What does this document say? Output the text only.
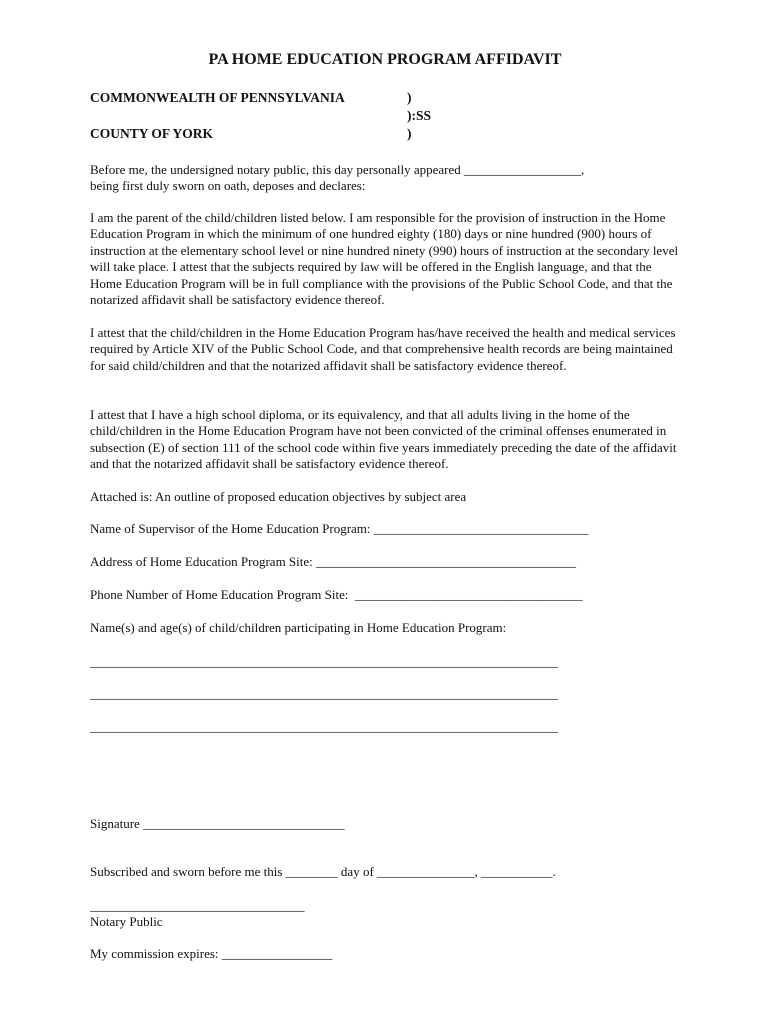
PA HOME EDUCATION PROGRAM AFFIDAVIT
COMMONWEALTH OF PENNSYLVANIA
COUNTY OF YORK
)
):SS
)
Before me, the undersigned notary public, this day personally appeared __________________,
being first duly sworn on oath, deposes and declares:

I am the parent of the child/children listed below. I am responsible for the provision of instruction in the Home Education Program in which the minimum of one hundred eighty (180) days or nine hundred (900) hours of instruction at the elementary school level or nine hundred ninety (990) hours of instruction at the secondary level will take place. I attest that the subjects required by law will be offered in the English language, and that the Home Education Program will be in full compliance with the provisions of the Public School Code, and that the notarized affidavit shall be satisfactory evidence thereof.

I attest that the child/children in the Home Education Program has/have received the health and medical services required by Article XIV of the Public School Code, and that comprehensive health records are being maintained for said child/children and that the notarized affidavit shall be satisfactory evidence thereof.

I attest that I have a high school diploma, or its equivalency, and that all adults living in the home of the child/children in the Home Education Program have not been convicted of the criminal offenses enumerated in subsection (E) of section 111 of the school code within five years immediately preceding the date of the affidavit and that the notarized affidavit shall be satisfactory evidence thereof.

Attached is: An outline of proposed education objectives by subject area
Name of Supervisor of the Home Education Program: _________________________________
Address of Home Education Program Site: ________________________________________
Phone Number of Home Education Program Site:  ___________________________________
Name(s) and age(s) of child/children participating in Home Education Program:
________________________________________________________________________
________________________________________________________________________
________________________________________________________________________
Signature _______________________________
Subscribed and sworn before me this ________ day of _______________, ___________.
_________________________________
Notary Public
My commission expires: _________________
